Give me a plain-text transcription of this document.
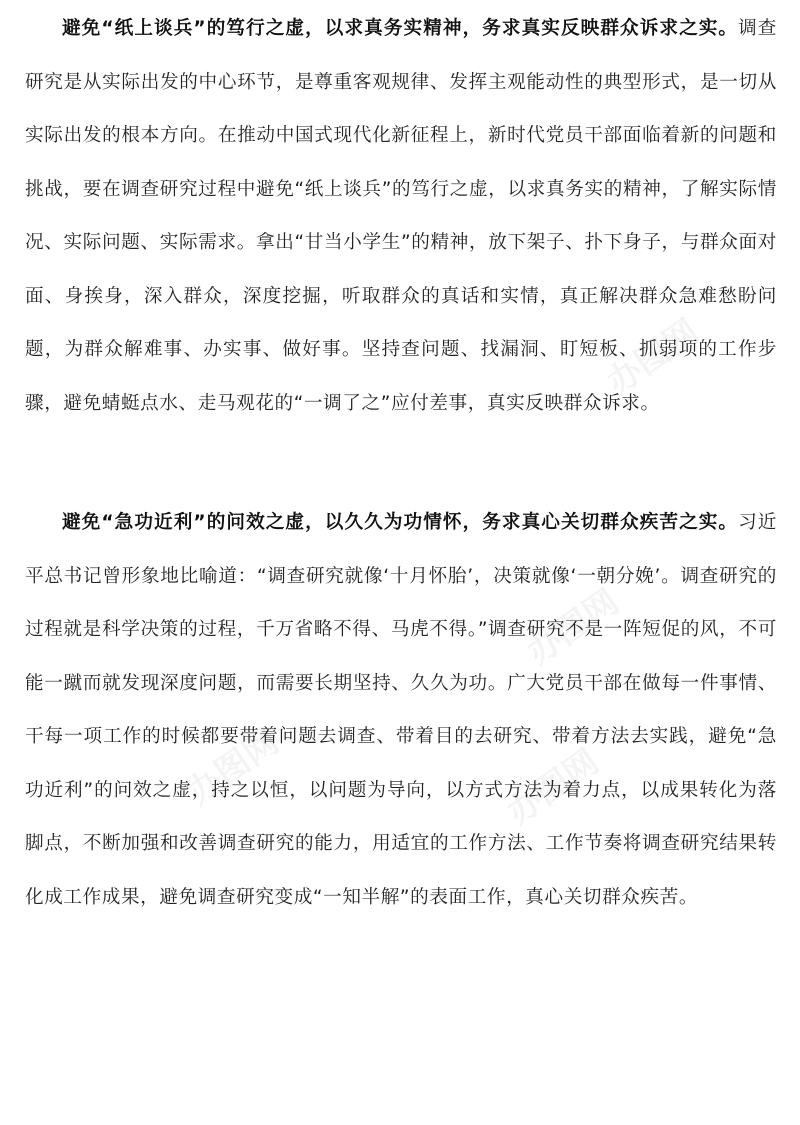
避免“纸上谈兵”的笃行之虚，以求真务实精神，务求真实反映群众诉求之实。调查研究是从实际出发的中心环节，是尊重客观规律、发挥主观能动性的典型形式，是一切从实际出发的根本方向。在推动中国式现代化新征程上，新时代党员干部面临着新的问题和挑战，要在调查研究过程中避免“纸上谈兵”的笃行之虚，以求真务实的精神，了解实际情况、实际问题、实际需求。拿出“甘当小学生”的精神，放下架子、扑下身子，与群众面对面、身挨身，深入群众，深度挖掘，听取群众的真话和实情，真正解决群众急难愁盼问题，为群众解难事、办实事、做好事。坚持查问题、找漏洞、盯短板、抓弱项的工作步骤，避免蜻蜓点水、走马观花的“一调了之”应付差事，真实反映群众诉求。

避免“急功近利”的问效之虚，以久久为功情怀，务求真心关切群众疾苦之实。习近平总书记曾形象地比喻道：“调查研究就像‘十月怀胎’，决策就像‘一朝分娩’。调查研究的过程就是科学决策的过程，千万省略不得、马虎不得。”调查研究不是一阵短促的风，不可能一蹴而就发现深度问题，而需要长期坚持、久久为功。广大党员干部在做每一件事情、干每一项工作的时候都要带着问题去调查、带着目的去研究、带着方法去实践，避免“急功近利”的问效之虚，持之以恒，以问题为导向，以方式方法为着力点，以成果转化为落脚点，不断加强和改善调查研究的能力，用适宜的工作方法、工作节奏将调查研究结果转化成工作成果，避免调查研究变成“一知半解”的表面工作，真心关切群众疾苦。
